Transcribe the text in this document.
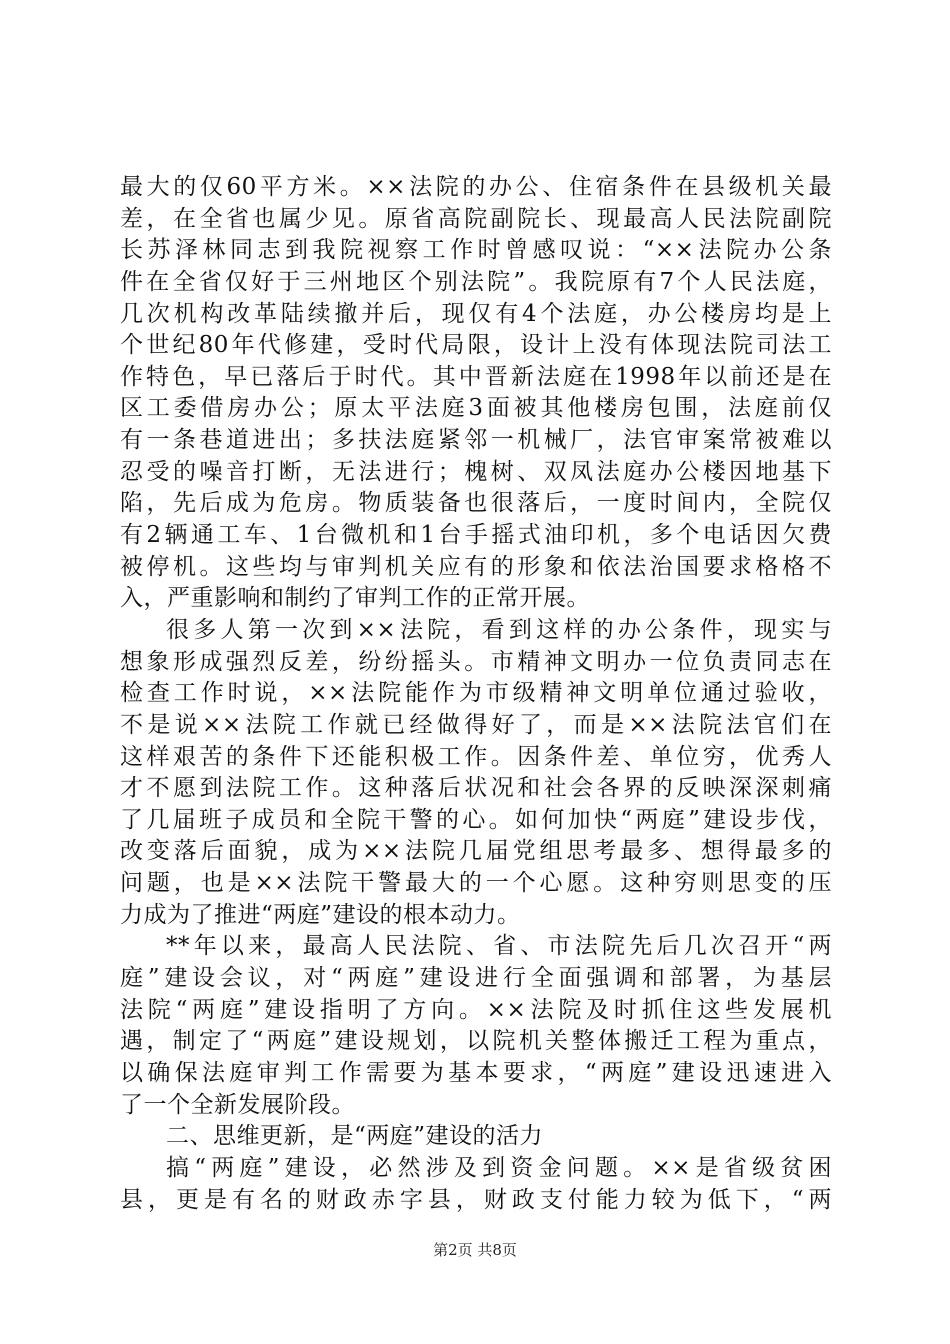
最大的仅60平方米。××法院的办公、住宿条件在县级机关最
差，在全省也属少见。原省高院副院长、现最高人民法院副院
长苏泽林同志到我院视察工作时曾感叹说：“××法院办公条
件在全省仅好于三州地区个别法院”。我院原有7个人民法庭，
几次机构改革陆续撤并后，现仅有4个法庭，办公楼房均是上
个世纪80年代修建，受时代局限，设计上没有体现法院司法工
作特色，早已落后于时代。其中晋新法庭在1998年以前还是在
区工委借房办公；原太平法庭3面被其他楼房包围，法庭前仅
有一条巷道进出；多扶法庭紧邻一机械厂，法官审案常被难以
忍受的噪音打断，无法进行；槐树、双凤法庭办公楼因地基下
陷，先后成为危房。物质装备也很落后，一度时间内，全院仅
有2辆通工车、1台微机和1台手摇式油印机，多个电话因欠费
被停机。这些均与审判机关应有的形象和依法治国要求格格不
入，严重影响和制约了审判工作的正常开展。
很多人第一次到××法院，看到这样的办公条件，现实与
想象形成强烈反差，纷纷摇头。市精神文明办一位负责同志在
检查工作时说，××法院能作为市级精神文明单位通过验收，
不是说××法院工作就已经做得好了，而是××法院法官们在
这样艰苦的条件下还能积极工作。因条件差、单位穷，优秀人
才不愿到法院工作。这种落后状况和社会各界的反映深深刺痛
了几届班子成员和全院干警的心。如何加快“两庭”建设步伐，
改变落后面貌，成为××法院几届党组思考最多、想得最多的
问题，也是××法院干警最大的一个心愿。这种穷则思变的压
力成为了推进“两庭”建设的根本动力。
**年以来，最高人民法院、省、市法院先后几次召开“两
庭”建设会议，对“两庭”建设进行全面强调和部署，为基层
法院“两庭”建设指明了方向。××法院及时抓住这些发展机
遇，制定了“两庭”建设规划，以院机关整体搬迁工程为重点，
以确保法庭审判工作需要为基本要求，“两庭”建设迅速进入
了一个全新发展阶段。
二、思维更新，是“两庭”建设的活力
搞“两庭”建设，必然涉及到资金问题。××是省级贫困
县，更是有名的财政赤字县，财政支付能力较为低下，“两
第2页 共8页
